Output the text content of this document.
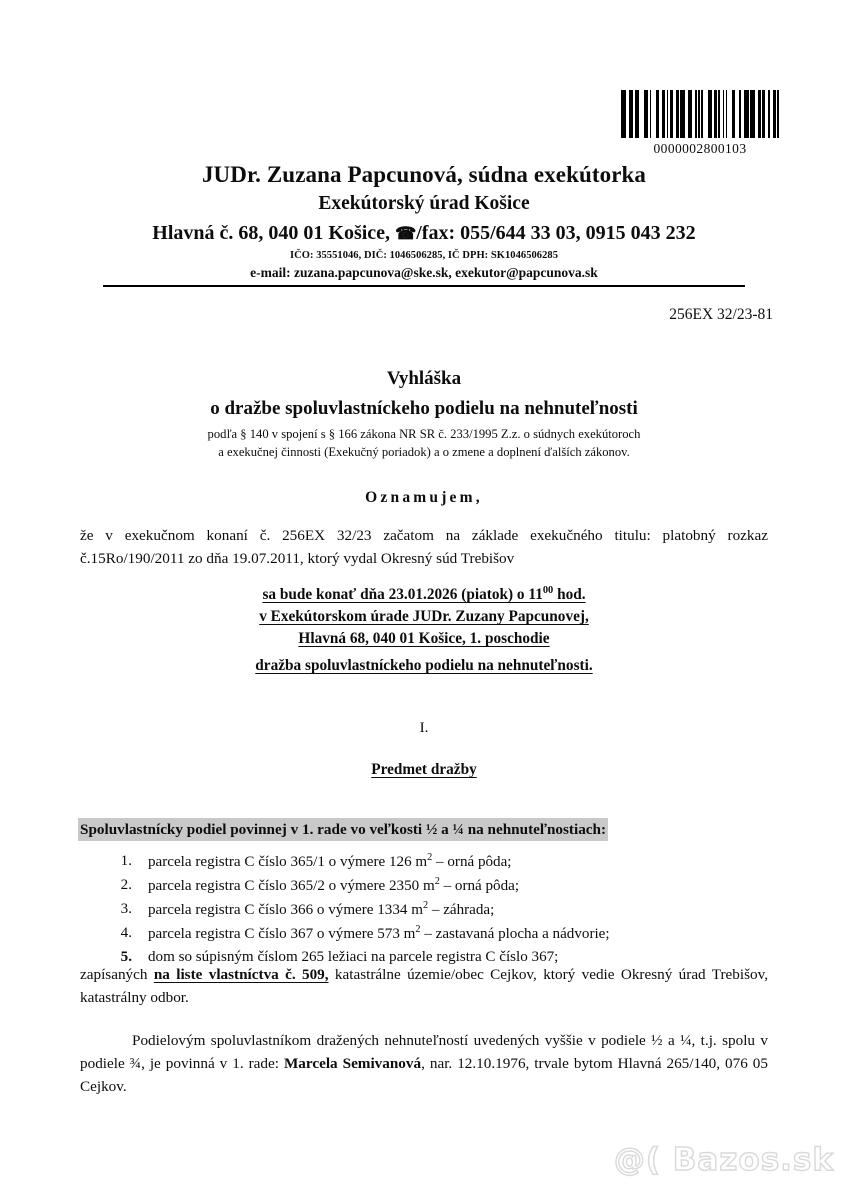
0000002800103
JUDr. Zuzana Papcunová, súdna exekútorka
Exekútorský úrad Košice
Hlavná č. 68, 040 01 Košice, ☎/fax: 055/644 33 03, 0915 043 232
IČO: 35551046, DIČ: 1046506285, IČ DPH: SK1046506285
e-mail: zuzana.papcunova@ske.sk, exekutor@papcunova.sk
256EX 32/23-81
Vyhláška
o dražbe spoluvlastníckeho podielu na nehnuteľnosti
podľa § 140 v spojení s § 166 zákona NR SR č. 233/1995 Z.z. o súdnych exekútoroch
a exekučnej činnosti (Exekučný poriadok) a o zmene a doplnení ďalších zákonov.
Oznamujem,
že v exekučnom konaní č. 256EX 32/23 začatom na základe exekučného titulu: platobný rozkaz č.15Ro/190/2011 zo dňa 19.07.2011, ktorý vydal Okresný súd Trebišov
sa bude konať dňa 23.01.2026 (piatok) o $11^{00}$ hod.
v Exekútorskom úrade JUDr. Zuzany Papcunovej,
Hlavná 68, 040 01 Košice, 1. poschodie
dražba spoluvlastníckeho podielu na nehnuteľnosti.
I.
Predmet dražby
Spoluvlastnícky podiel povinnej v 1. rade vo veľkosti ½ a ¼ na nehnuteľnostiach:
1.	parcela registra C číslo 365/1 o výmere 126 $m^2$ – orná pôda;
2.	parcela registra C číslo 365/2 o výmere 2350 $m^2$ – orná pôda;
3.	parcela registra C číslo 366 o výmere 1334 $m^2$ – záhrada;
4.	parcela registra C číslo 367 o výmere 573 $m^2$ – zastavaná plocha a nádvorie;
5.	dom so súpisným číslom 265 ležiaci na parcele registra C číslo 367;
zapísaných na liste vlastníctva č. 509, katastrálne územie/obec Cejkov, ktorý vedie Okresný úrad Trebišov, katastrálny odbor.
Podielovým spoluvlastníkom dražených nehnuteľností uvedených vyššie v podiele ½ a ¼, t.j. spolu v podiele ¾, je povinná v 1. rade: Marcela Semivanová, nar. 12.10.1976, trvale bytom Hlavná 265/140, 076 05 Cejkov.
@( Bazos.sk
